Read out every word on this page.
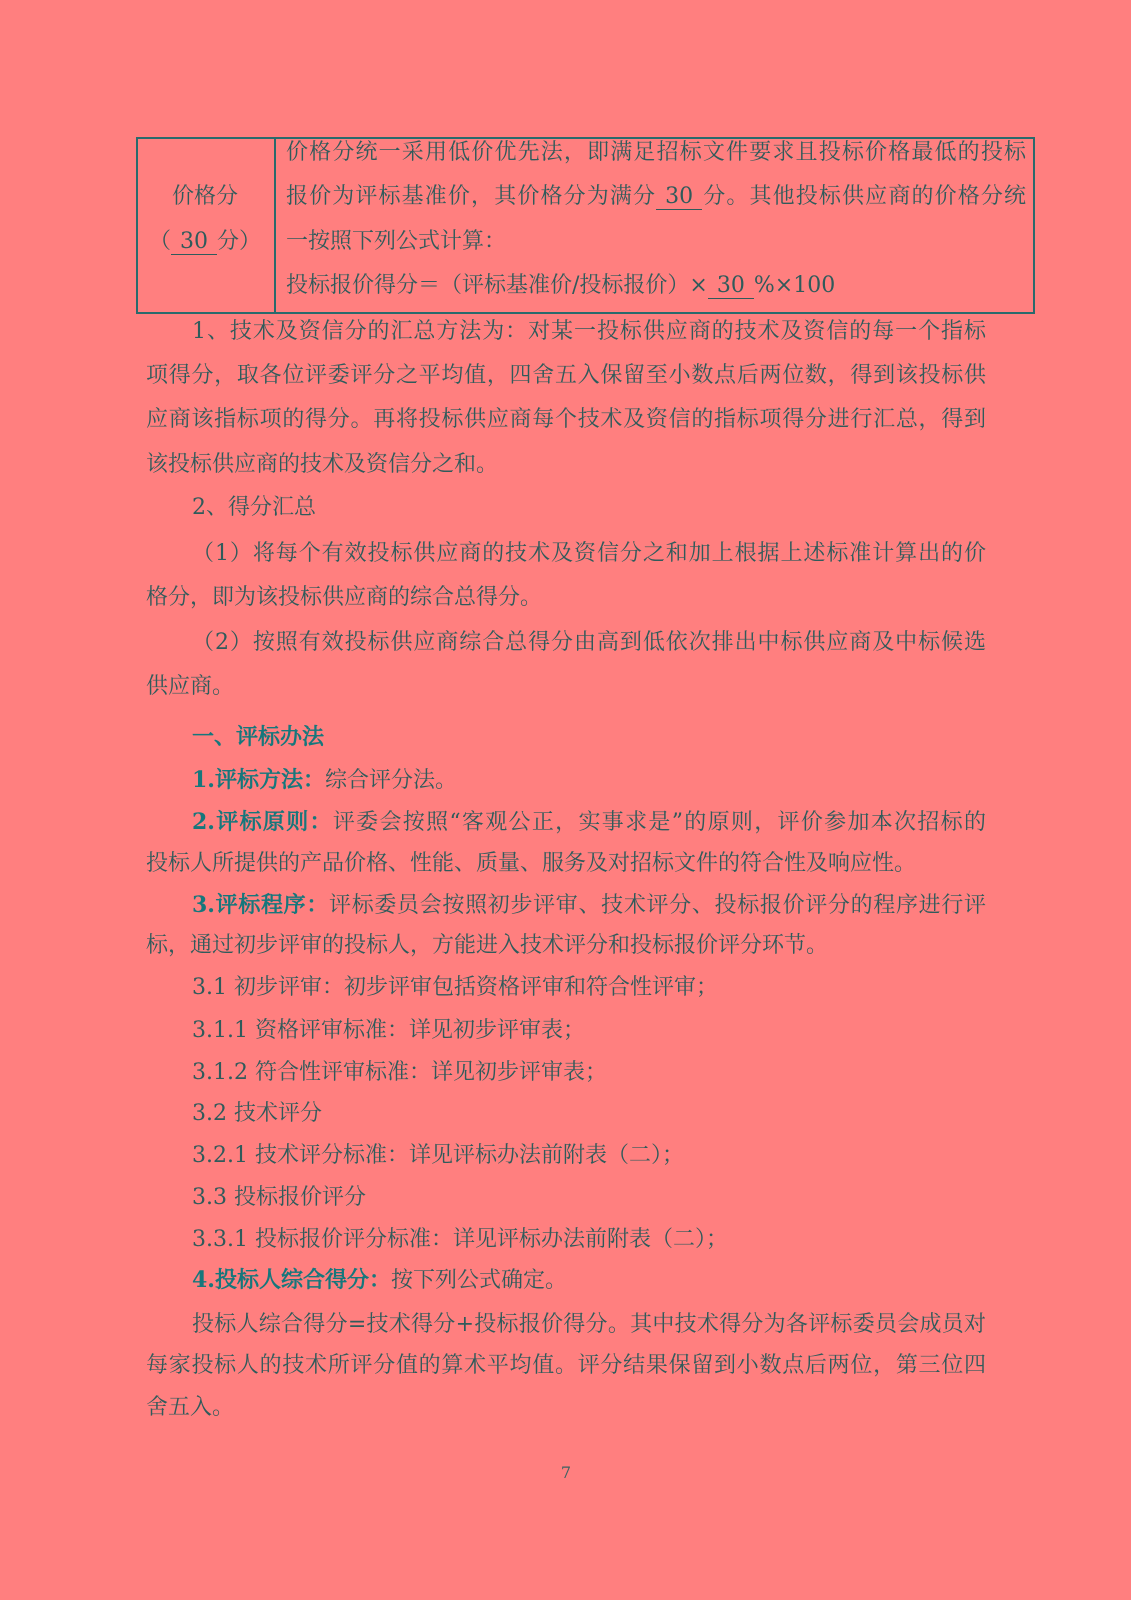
价格分
（ 30 分）
价格分统一采用低价优先法，即满足招标文件要求且投标价格最低的投标
报价为评标基准价，其价格分为满分 30 分。其他投标供应商的价格分统
一按照下列公式计算：
投标报价得分＝（评标基准价/投标报价）× 30 %×100
1、技术及资信分的汇总方法为：对某一投标供应商的技术及资信的每一个指标
项得分，取各位评委评分之平均值，四舍五入保留至小数点后两位数，得到该投标供
应商该指标项的得分。再将投标供应商每个技术及资信的指标项得分进行汇总，得到
该投标供应商的技术及资信分之和。
2、得分汇总
（1）将每个有效投标供应商的技术及资信分之和加上根据上述标准计算出的价
格分，即为该投标供应商的综合总得分。
（2）按照有效投标供应商综合总得分由高到低依次排出中标供应商及中标候选
供应商。
一、评标办法
1.评标方法：综合评分法。
2.评标原则：评委会按照“客观公正，实事求是”的原则，评价参加本次招标的
投标人所提供的产品价格、性能、质量、服务及对招标文件的符合性及响应性。
3.评标程序：评标委员会按照初步评审、技术评分、投标报价评分的程序进行评
标，通过初步评审的投标人，方能进入技术评分和投标报价评分环节。
3.1 初步评审：初步评审包括资格评审和符合性评审；
3.1.1 资格评审标准：详见初步评审表；
3.1.2 符合性评审标准：详见初步评审表；
3.2 技术评分
3.2.1 技术评分标准：详见评标办法前附表（二）；
3.3 投标报价评分
3.3.1 投标报价评分标准：详见评标办法前附表（二）；
4.投标人综合得分：按下列公式确定。
投标人综合得分=技术得分+投标报价得分。其中技术得分为各评标委员会成员对
每家投标人的技术所评分值的算术平均值。评分结果保留到小数点后两位，第三位四
舍五入。
7
